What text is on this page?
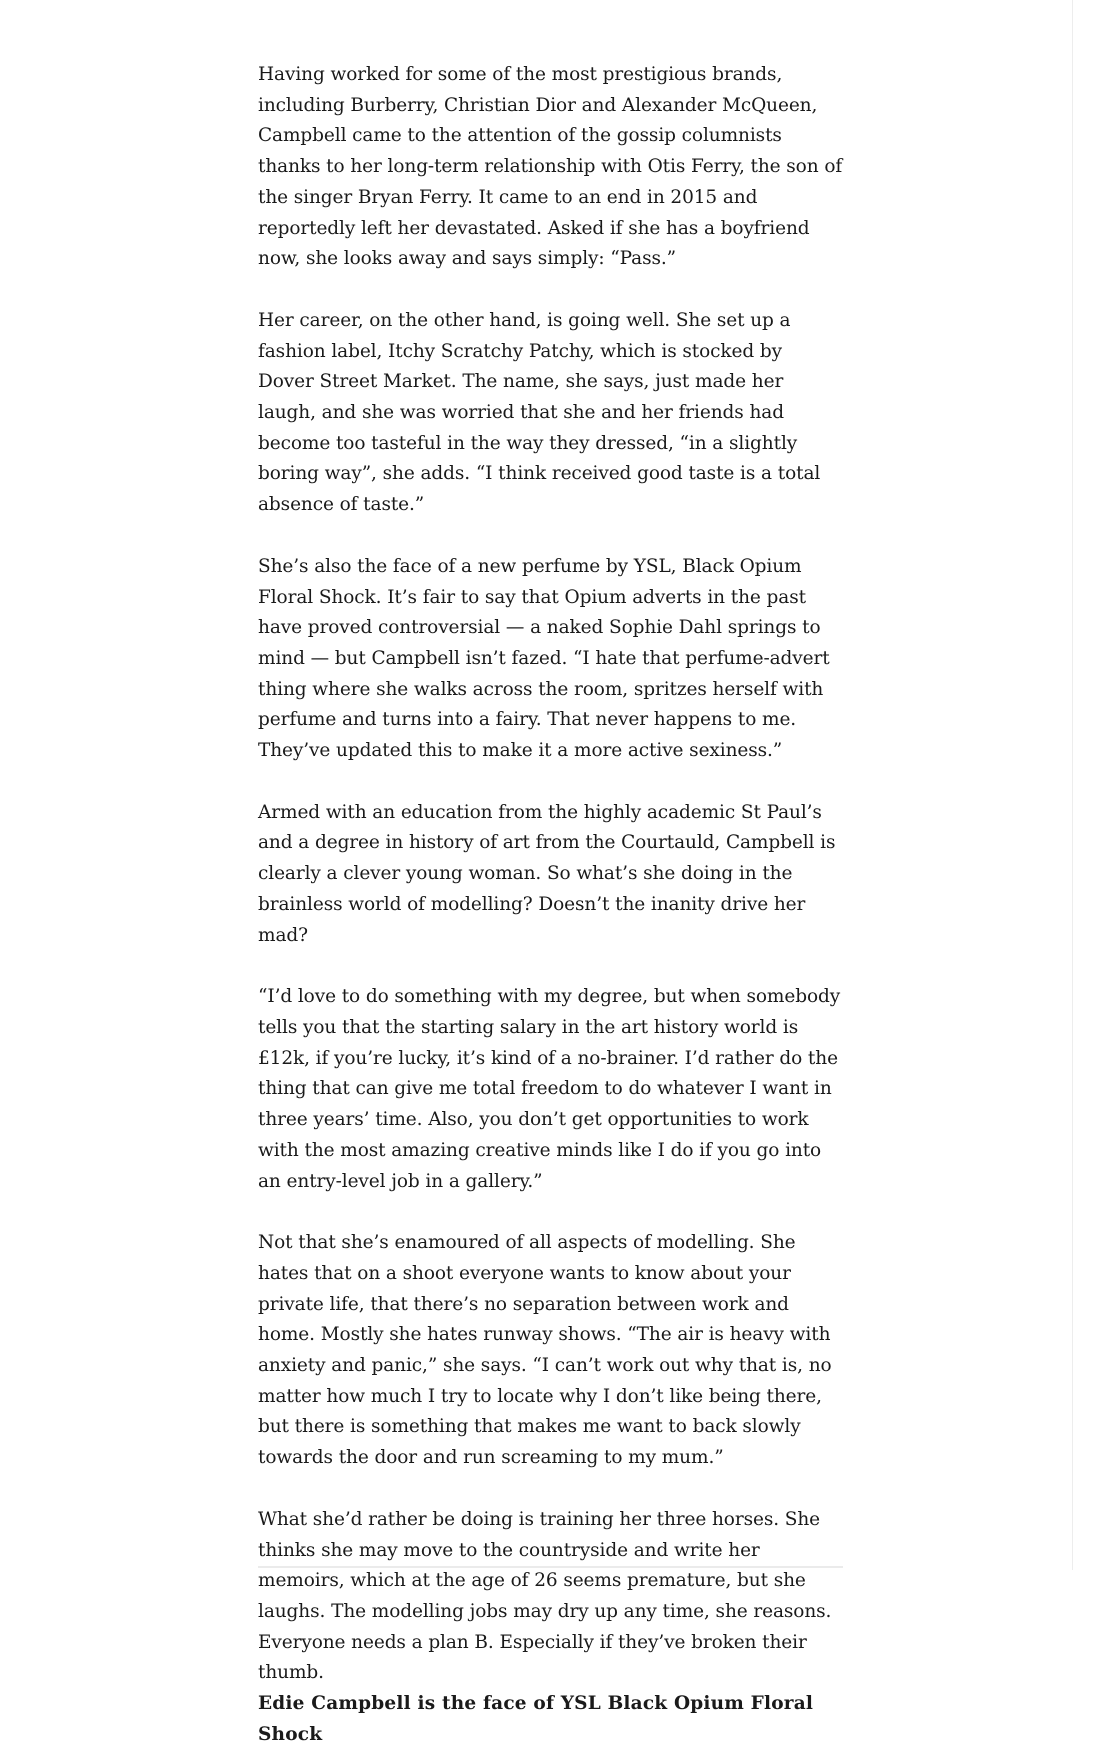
Having worked for some of the most prestigious brands, including Burberry, Christian Dior and Alexander McQueen, Campbell came to the attention of the gossip columnists thanks to her long-term relationship with Otis Ferry, the son of the singer Bryan Ferry. It came to an end in 2015 and reportedly left her devastated. Asked if she has a boyfriend now, she looks away and says simply: “Pass.”

Her career, on the other hand, is going well. She set up a fashion label, Itchy Scratchy Patchy, which is stocked by Dover Street Market. The name, she says, just made her laugh, and she was worried that she and her friends had become too tasteful in the way they dressed, “in a slightly boring way”, she adds. “I think received good taste is a total absence of taste.”

She’s also the face of a new perfume by YSL, Black Opium Floral Shock. It’s fair to say that Opium adverts in the past have proved controversial — a naked Sophie Dahl springs to mind — but Campbell isn’t fazed. “I hate that perfume-advert thing where she walks across the room, spritzes herself with perfume and turns into a fairy. That never happens to me. They’ve updated this to make it a more active sexiness.”

Armed with an education from the highly academic St Paul’s and a degree in history of art from the Courtauld, Campbell is clearly a clever young woman. So what’s she doing in the brainless world of modelling? Doesn’t the inanity drive her mad?

“I’d love to do something with my degree, but when somebody tells you that the starting salary in the art history world is £12k, if you’re lucky, it’s kind of a no-brainer. I’d rather do the thing that can give me total freedom to do whatever I want in three years’ time. Also, you don’t get opportunities to work with the most amazing creative minds like I do if you go into an entry-level job in a gallery.”

Not that she’s enamoured of all aspects of modelling. She hates that on a shoot everyone wants to know about your private life, that there’s no separation between work and home. Mostly she hates runway shows. “The air is heavy with anxiety and panic,” she says. “I can’t work out why that is, no matter how much I try to locate why I don’t like being there, but there is something that makes me want to back slowly towards the door and run screaming to my mum.”

What she’d rather be doing is training her three horses. She thinks she may move to the countryside and write her memoirs, which at the age of 26 seems premature, but she laughs. The modelling jobs may dry up any time, she reasons. Everyone needs a plan B. Especially if they’ve broken their thumb.

Edie Campbell is the face of YSL Black Opium Floral Shock
